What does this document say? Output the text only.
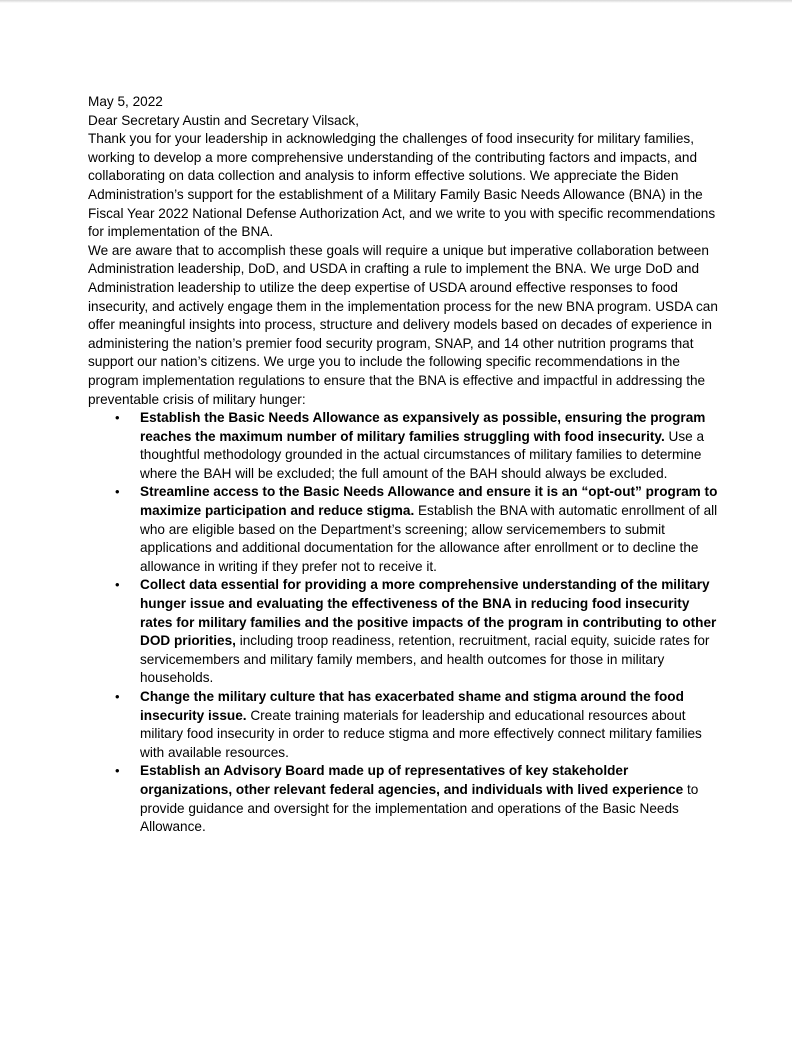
May 5, 2022

Dear Secretary Austin and Secretary Vilsack,

Thank you for your leadership in acknowledging the challenges of food insecurity for military families, working to develop a more comprehensive understanding of the contributing factors and impacts, and collaborating on data collection and analysis to inform effective solutions. We appreciate the Biden Administration’s support for the establishment of a Military Family Basic Needs Allowance (BNA) in the Fiscal Year 2022 National Defense Authorization Act, and we write to you with specific recommendations for implementation of the BNA.

We are aware that to accomplish these goals will require a unique but imperative collaboration between Administration leadership, DoD, and USDA in crafting a rule to implement the BNA. We urge DoD and Administration leadership to utilize the deep expertise of USDA around effective responses to food insecurity, and actively engage them in the implementation process for the new BNA program. USDA can offer meaningful insights into process, structure and delivery models based on decades of experience in administering the nation’s premier food security program, SNAP, and 14 other nutrition programs that support our nation’s citizens. We urge you to include the following specific recommendations in the program implementation regulations to ensure that the BNA is effective and impactful in addressing the preventable crisis of military hunger:

• Establish the Basic Needs Allowance as expansively as possible, ensuring the program reaches the maximum number of military families struggling with food insecurity. Use a thoughtful methodology grounded in the actual circumstances of military families to determine where the BAH will be excluded; the full amount of the BAH should always be excluded.
• Streamline access to the Basic Needs Allowance and ensure it is an “opt-out” program to maximize participation and reduce stigma. Establish the BNA with automatic enrollment of all who are eligible based on the Department’s screening; allow servicemembers to submit applications and additional documentation for the allowance after enrollment or to decline the allowance in writing if they prefer not to receive it.
• Collect data essential for providing a more comprehensive understanding of the military hunger issue and evaluating the effectiveness of the BNA in reducing food insecurity rates for military families and the positive impacts of the program in contributing to other DOD priorities, including troop readiness, retention, recruitment, racial equity, suicide rates for servicemembers and military family members, and health outcomes for those in military households.
• Change the military culture that has exacerbated shame and stigma around the food insecurity issue. Create training materials for leadership and educational resources about military food insecurity in order to reduce stigma and more effectively connect military families with available resources.
• Establish an Advisory Board made up of representatives of key stakeholder organizations, other relevant federal agencies, and individuals with lived experience to provide guidance and oversight for the implementation and operations of the Basic Needs Allowance.
